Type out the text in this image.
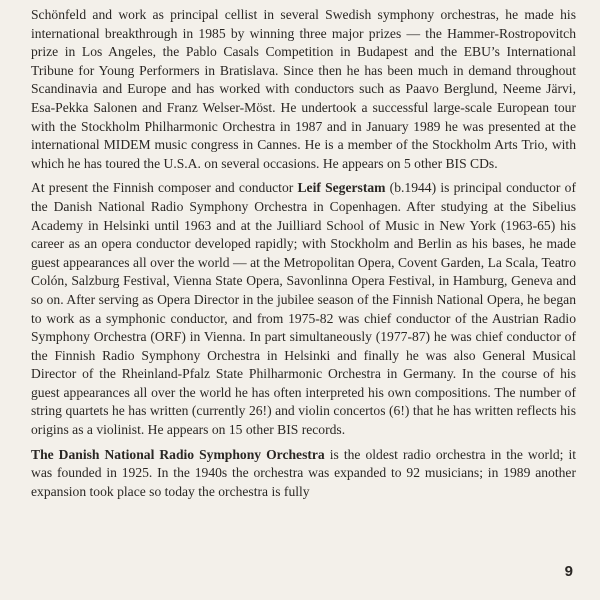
Schönfeld and work as principal cellist in several Swedish symphony orchestras, he made his international breakthrough in 1985 by winning three major prizes — the Hammer-Rostropovitch prize in Los Angeles, the Pablo Casals Competition in Budapest and the EBU’s International Tribune for Young Performers in Bratislava. Since then he has been much in demand throughout Scandinavia and Europe and has worked with conductors such as Paavo Berglund, Neeme Järvi, Esa-Pekka Salonen and Franz Welser-Möst. He undertook a successful large-scale European tour with the Stockholm Philharmonic Orchestra in 1987 and in January 1989 he was presented at the international MIDEM music congress in Cannes. He is a member of the Stockholm Arts Trio, with which he has toured the U.S.A. on several occasions. He appears on 5 other BIS CDs.

At present the Finnish composer and conductor Leif Segerstam (b.1944) is principal conductor of the Danish National Radio Symphony Orchestra in Copenhagen. After studying at the Sibelius Academy in Helsinki until 1963 and at the Juilliard School of Music in New York (1963-65) his career as an opera conductor developed rapidly; with Stockholm and Berlin as his bases, he made guest appearances all over the world — at the Metropolitan Opera, Covent Garden, La Scala, Teatro Colón, Salzburg Festival, Vienna State Opera, Savonlinna Opera Festival, in Hamburg, Geneva and so on. After serving as Opera Director in the jubilee season of the Finnish National Opera, he began to work as a symphonic conductor, and from 1975-82 was chief conductor of the Austrian Radio Symphony Orchestra (ORF) in Vienna. In part simultaneously (1977-87) he was chief conductor of the Finnish Radio Symphony Orchestra in Helsinki and finally he was also General Musical Director of the Rheinland-Pfalz State Philharmonic Orchestra in Germany. In the course of his guest appearances all over the world he has often interpreted his own compositions. The number of string quartets he has written (currently 26!) and violin concertos (6!) that he has written reflects his origins as a violinist. He appears on 15 other BIS records.

The Danish National Radio Symphony Orchestra is the oldest radio orchestra in the world; it was founded in 1925. In the 1940s the orchestra was expanded to 92 musicians; in 1989 another expansion took place so today the orchestra is fully

9
